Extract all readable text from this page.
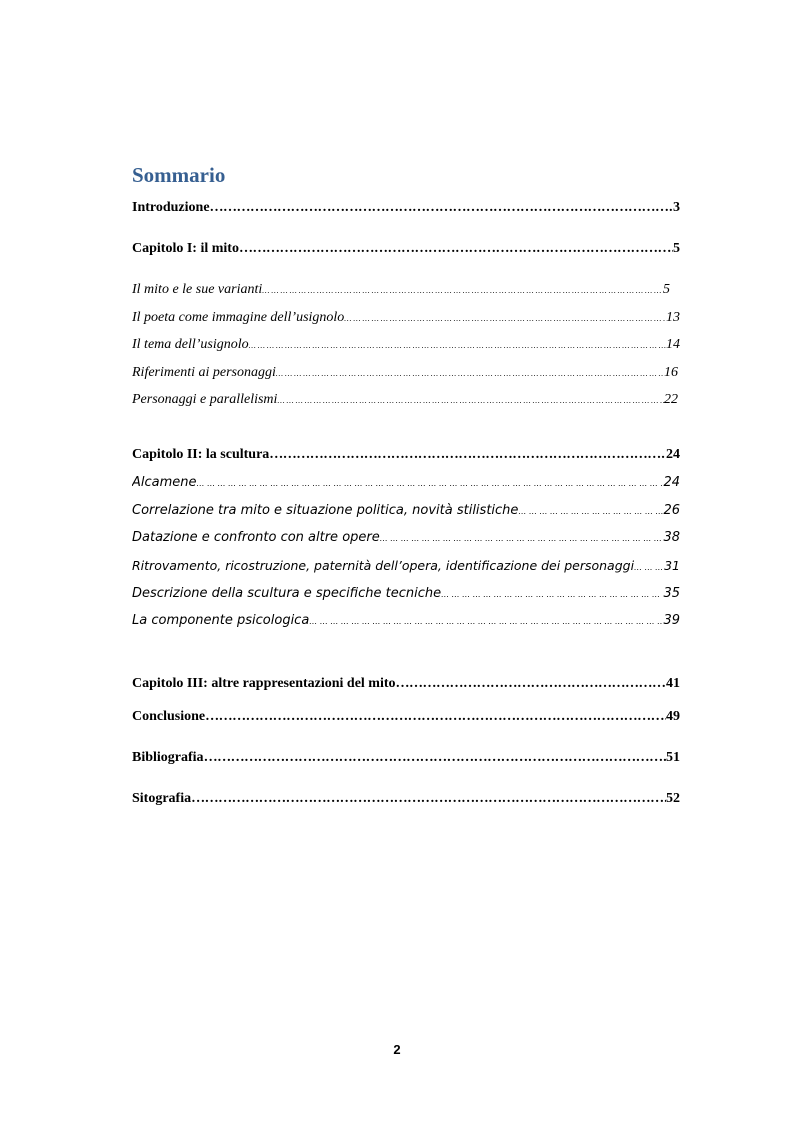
Sommario
Introduzione …………………………………………………………………………………………………………………………………………………………………………	3
Capitolo I: il mito …………………………………………………………………………………………………………………………………………………………………………	5
Il mito e le sue varianti … … … … … … … … … … … … … … … … … … … … … … … … … … … … … … … … … … … … … … … … … … … … … … … … … … … …	5
Il poeta come immagine dell’usignolo … … … … … … … … … … … … … … … … … … … … … … … … … … … … … … … … … … … … … … … … … … … … … … … … … … … …	13
Il tema dell’usignolo … … … … … … … … … … … … … … … … … … … … … … … … … … … … … … … … … … … … … … … … … … … … … … … … … … … …	14
Riferimenti ai personaggi … … … … … … … … … … … … … … … … … … … … … … … … … … … … … … … … … … … … … … … … … … … … … … … … … … … …	16
Personaggi e parallelismi … … … … … … … … … … … … … … … … … … … … … … … … … … … … … … … … … … … … … … … … … … … … … … … … … … … …	22
Capitolo II: la scultura …………………………………………………………………………………………………………………………………………………………………………	24
Alcamene … … … … … … … … … … … … … … … … … … … … … … … … … … … … … … … … … … … … … … … … … … … … … … … … … … … …	24
Correlazione tra mito e situazione politica, novità stilistiche … … … … … … … … … … … … … … … … … … … … … … … … … … … … … … … … … … … … … … … … … … … … … … … … … … … …	26
Datazione e confronto con altre opere … … … … … … … … … … … … … … … … … … … … … … … … … … … … … … … … … … … … … … … … … … … … … … … … … … … …	38
Ritrovamento, ricostruzione, paternità dell’opera, identificazione dei personaggi … … … … … … … … … … … … … … … … … … … … … … … … … … … … … … … … … … … … … … … … … … … … … … … … … … … … 31
Descrizione della scultura e specifiche tecniche … … … … … … … … … … … … … … … … … … … … … … … … … … … … … … … … … … … … … … … … … … … … … … … … … … … …	35
La componente psicologica … … … … … … … … … … … … … … … … … … … … … … … … … … … … … … … … … … … … … … … … … … … … … … … … … … … …	39
Capitolo III: altre rappresentazioni del mito …………………………………………………………………………………………………………………………………………………………………………	41
Conclusione …………………………………………………………………………………………………………………………………………………………………………	49
Bibliografia …………………………………………………………………………………………………………………………………………………………………………	51
Sitografia …………………………………………………………………………………………………………………………………………………………………………	52
2
